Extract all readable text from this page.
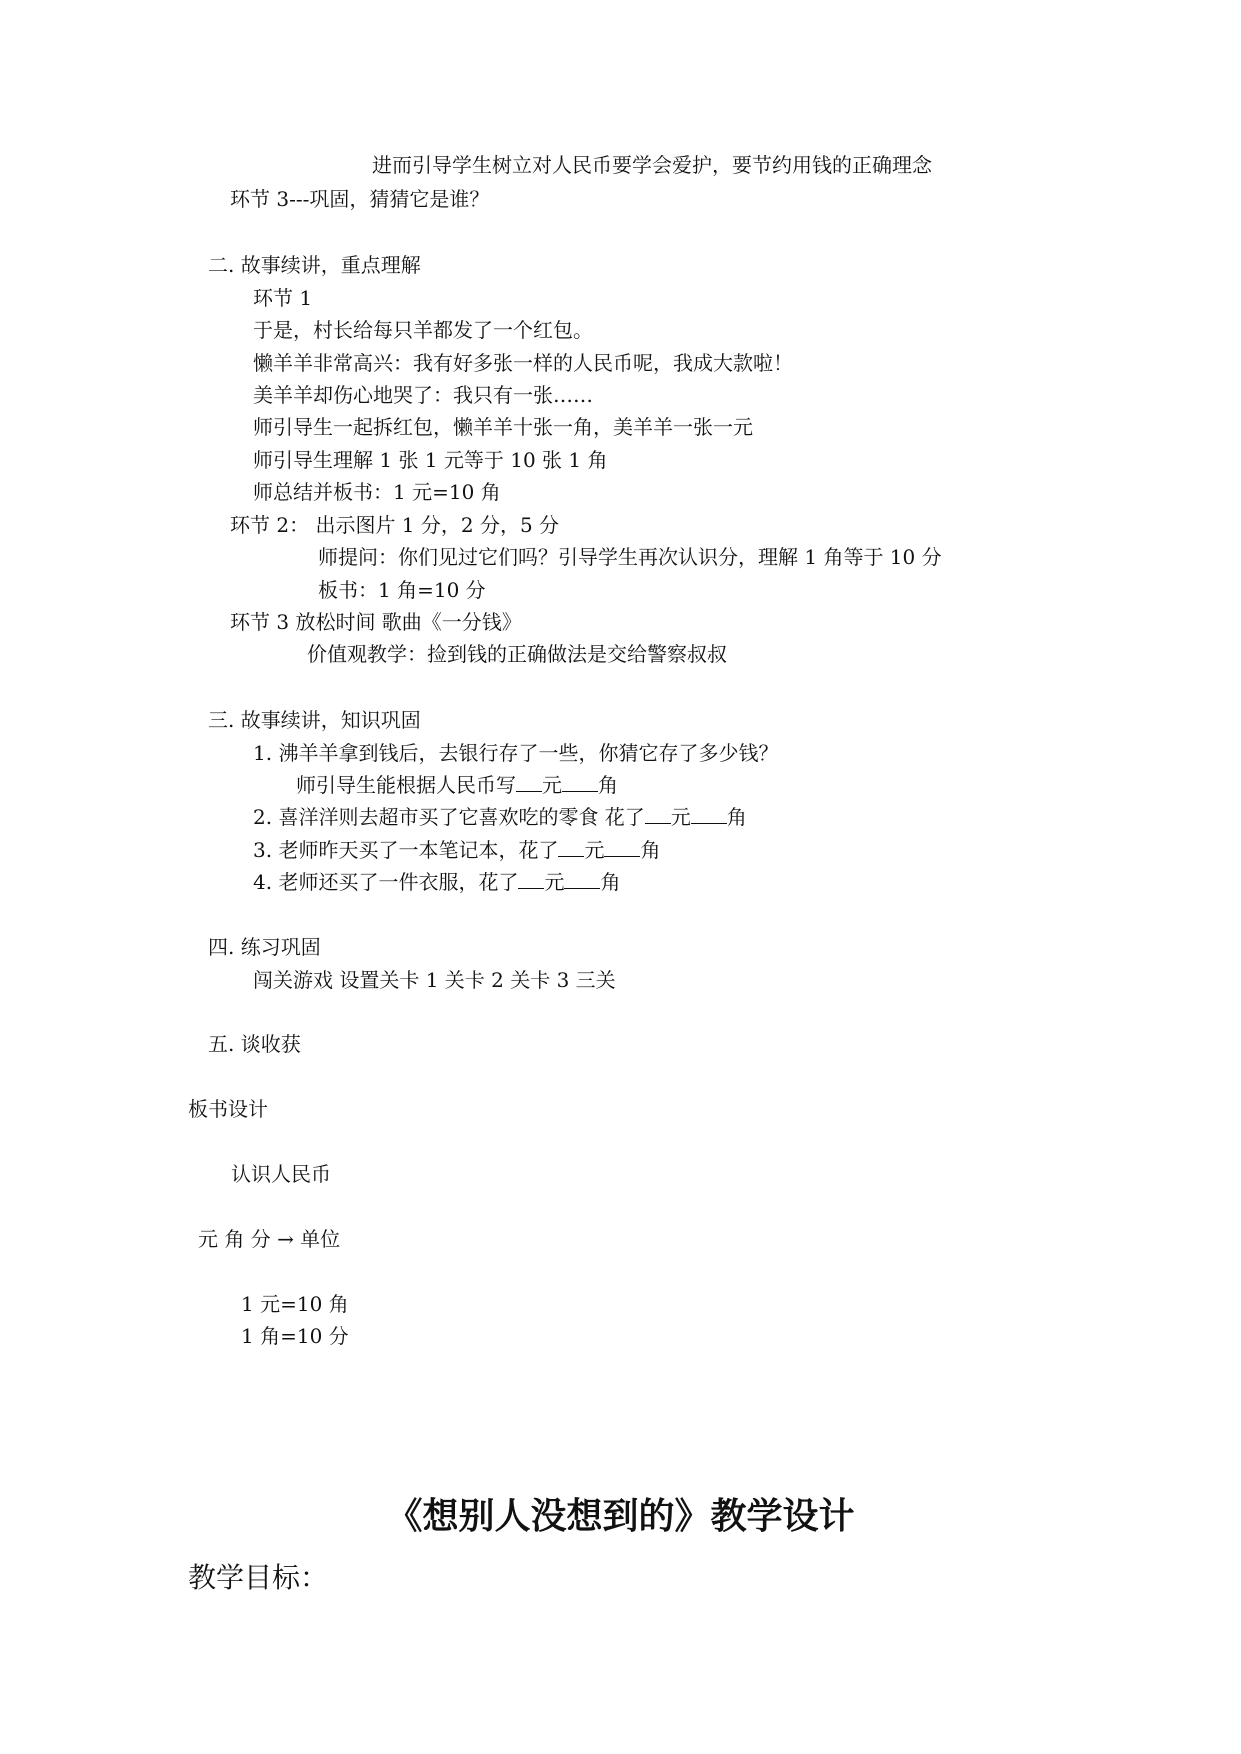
进而引导学生树立对人民币要学会爱护，要节约用钱的正确理念
环节 3---巩固，猜猜它是谁？
二. 故事续讲，重点理解
环节 1
于是，村长给每只羊都发了一个红包。
懒羊羊非常高兴：我有好多张一样的人民币呢，我成大款啦！
美羊羊却伤心地哭了：我只有一张……
师引导生一起拆红包，懒羊羊十张一角，美羊羊一张一元
师引导生理解 1 张 1 元等于 10 张 1 角
师总结并板书：1 元=10 角
环节 2： 出示图片 1 分，2 分，5 分
师提问：你们见过它们吗？引导学生再次认识分，理解 1 角等于 10 分
板书：1 角=10 分
环节 3 放松时间 歌曲《一分钱》
价值观教学：捡到钱的正确做法是交给警察叔叔
三. 故事续讲，知识巩固
1. 沸羊羊拿到钱后，去银行存了一些，你猜它存了多少钱？
师引导生能根据人民币写 元 角
2. 喜洋洋则去超市买了它喜欢吃的零食 花了 元 角
3. 老师昨天买了一本笔记本，花了 元 角
4. 老师还买了一件衣服，花了 元 角
四. 练习巩固
闯关游戏 设置关卡 1 关卡 2 关卡 3 三关
五. 谈收获
板书设计
认识人民币
元 角 分 → 单位
1 元=10 角
1 角=10 分
《想别人没想到的》教学设计
教学目标：
